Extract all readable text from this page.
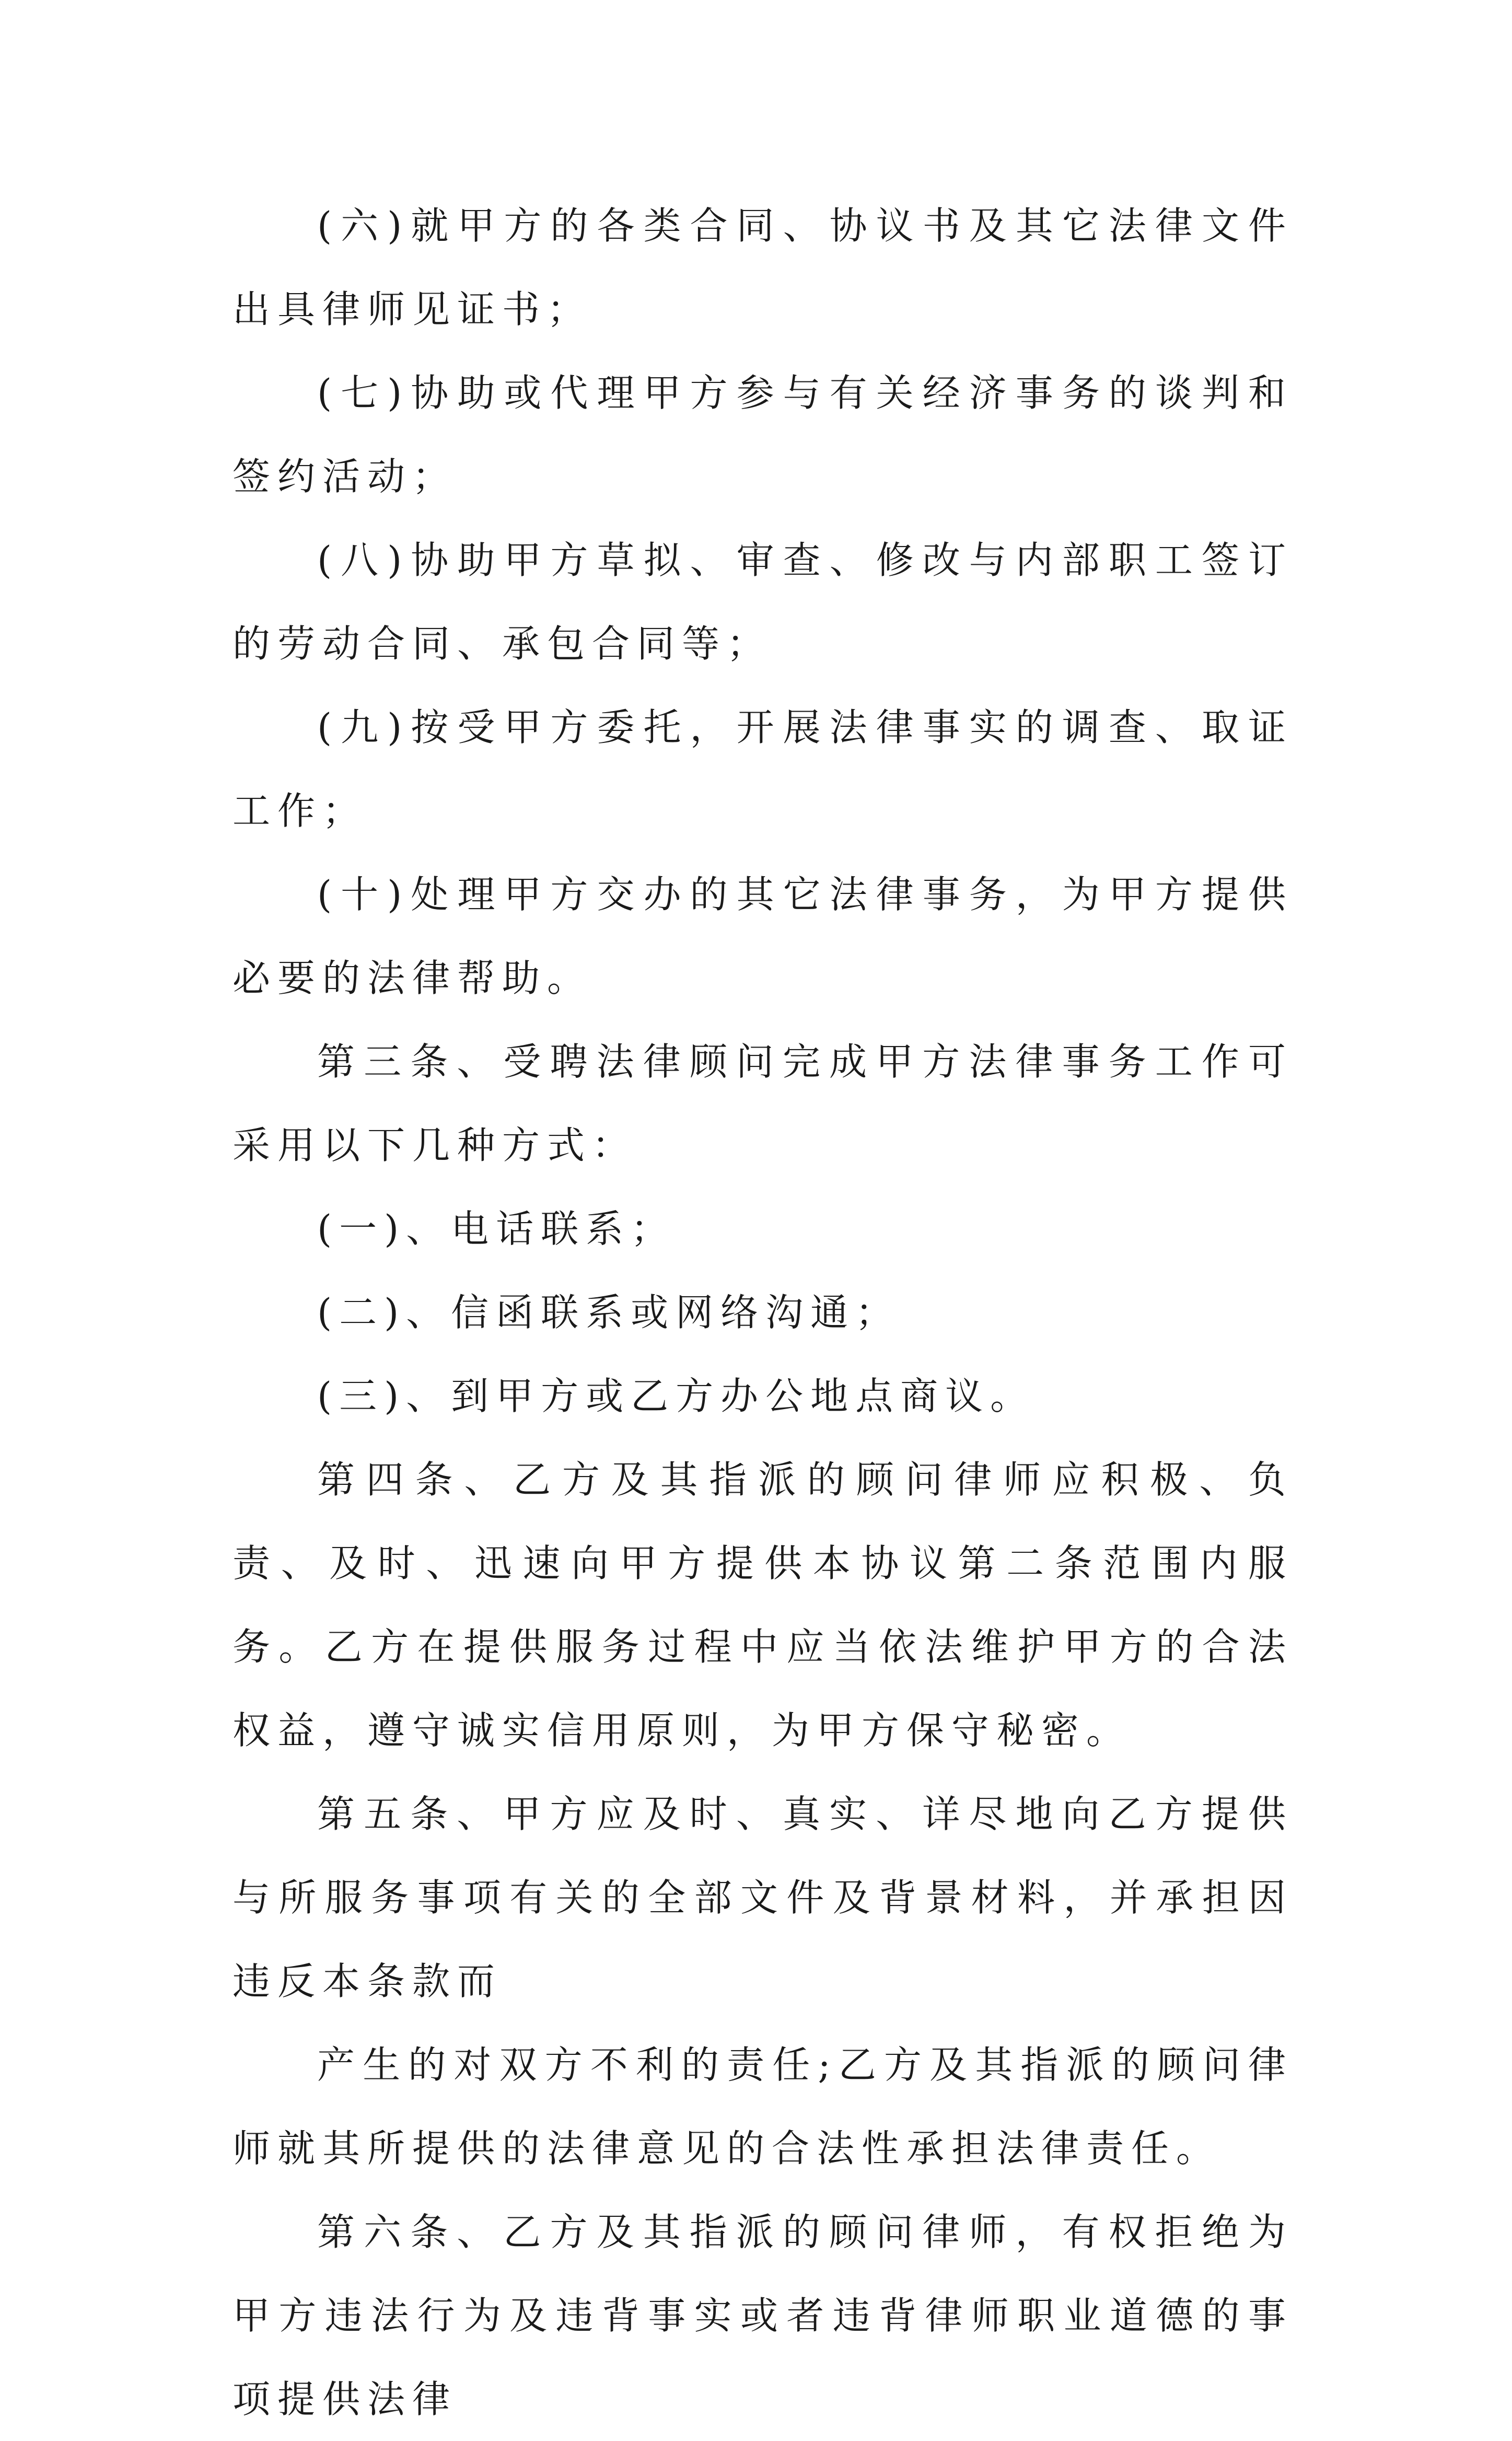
(六)就甲方的各类合同、协议书及其它法律文件出具律师见证书；

(七)协助或代理甲方参与有关经济事务的谈判和签约活动；

(八)协助甲方草拟、审查、修改与内部职工签订的劳动合同、承包合同等；

(九)按受甲方委托，开展法律事实的调查、取证工作；

(十)处理甲方交办的其它法律事务，为甲方提供必要的法律帮助。

第三条、受聘法律顾问完成甲方法律事务工作可采用以下几种方式：

(一)、电话联系；

(二)、信函联系或网络沟通；

(三)、到甲方或乙方办公地点商议。

第四条、乙方及其指派的顾问律师应积极、负责、及时、迅速向甲方提供本协议第二条范围内服务。乙方在提供服务过程中应当依法维护甲方的合法权益，遵守诚实信用原则，为甲方保守秘密。

第五条、甲方应及时、真实、详尽地向乙方提供与所服务事项有关的全部文件及背景材料，并承担因违反本条款而

产生的对双方不利的责任;乙方及其指派的顾问律师就其所提供的法律意见的合法性承担法律责任。

第六条、乙方及其指派的顾问律师，有权拒绝为甲方违法行为及违背事实或者违背律师职业道德的事项提供法律
